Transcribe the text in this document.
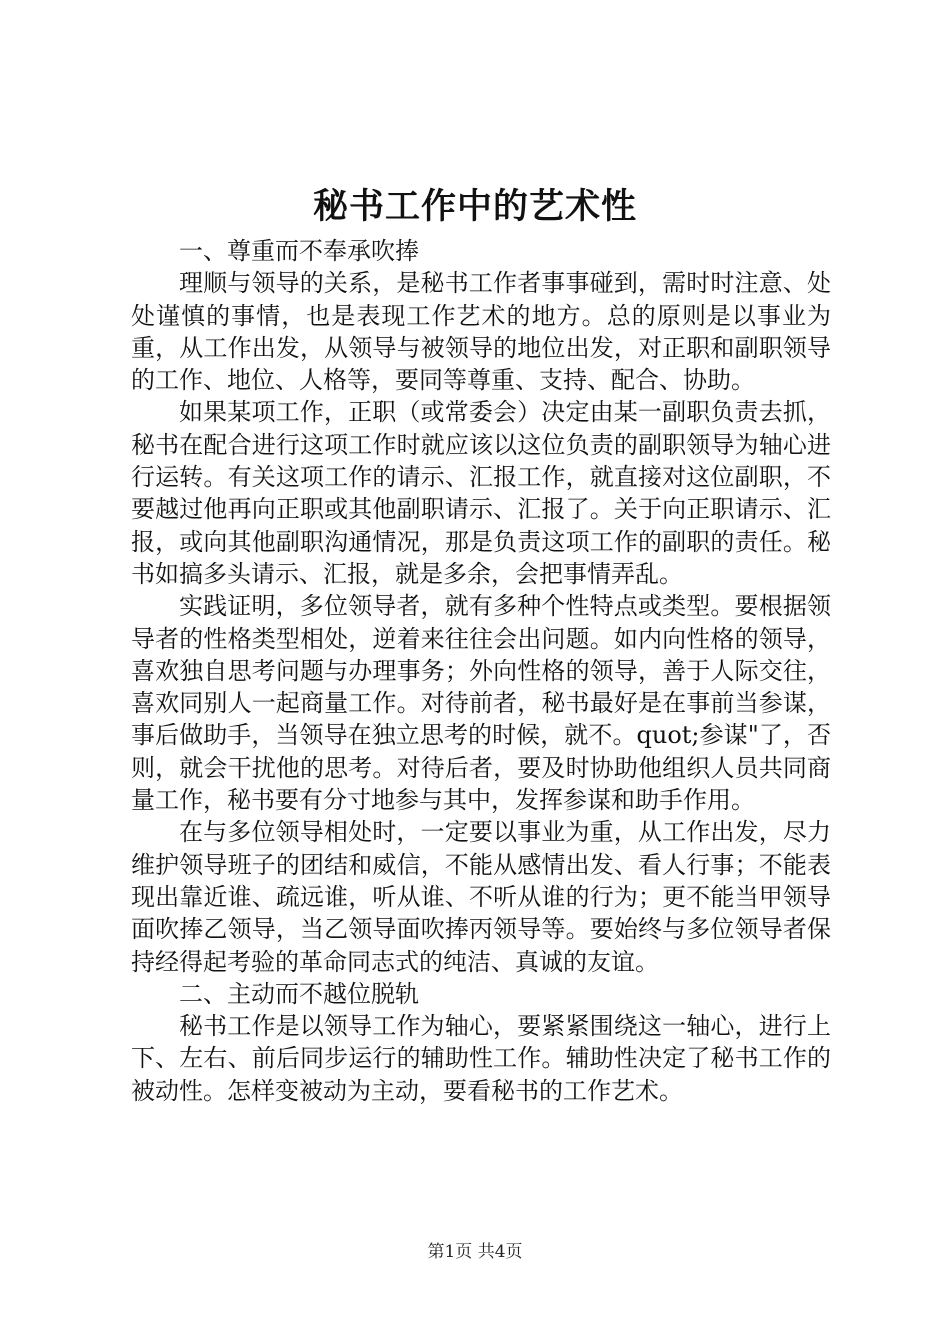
秘书工作中的艺术性

一、尊重而不奉承吹捧

理顺与领导的关系，是秘书工作者事事碰到，需时时注意、处处谨慎的事情，也是表现工作艺术的地方。总的原则是以事业为重，从工作出发，从领导与被领导的地位出发，对正职和副职领导的工作、地位、人格等，要同等尊重、支持、配合、协助。

如果某项工作，正职（或常委会）决定由某一副职负责去抓，秘书在配合进行这项工作时就应该以这位负责的副职领导为轴心进行运转。有关这项工作的请示、汇报工作，就直接对这位副职，不要越过他再向正职或其他副职请示、汇报了。关于向正职请示、汇报，或向其他副职沟通情况，那是负责这项工作的副职的责任。秘书如搞多头请示、汇报，就是多余，会把事情弄乱。

实践证明，多位领导者，就有多种个性特点或类型。要根据领导者的性格类型相处，逆着来往往会出问题。如内向性格的领导，喜欢独自思考问题与办理事务；外向性格的领导，善于人际交往，喜欢同别人一起商量工作。对待前者，秘书最好是在事前当参谋，事后做助手，当领导在独立思考的时候，就不。quot;参谋"了，否则，就会干扰他的思考。对待后者，要及时协助他组织人员共同商量工作，秘书要有分寸地参与其中，发挥参谋和助手作用。

在与多位领导相处时，一定要以事业为重，从工作出发，尽力维护领导班子的团结和威信，不能从感情出发、看人行事；不能表现出靠近谁、疏远谁，听从谁、不听从谁的行为；更不能当甲领导面吹捧乙领导，当乙领导面吹捧丙领导等。要始终与多位领导者保持经得起考验的革命同志式的纯洁、真诚的友谊。

二、主动而不越位脱轨

秘书工作是以领导工作为轴心，要紧紧围绕这一轴心，进行上下、左右、前后同步运行的辅助性工作。辅助性决定了秘书工作的被动性。怎样变被动为主动，要看秘书的工作艺术。

第1页 共4页
